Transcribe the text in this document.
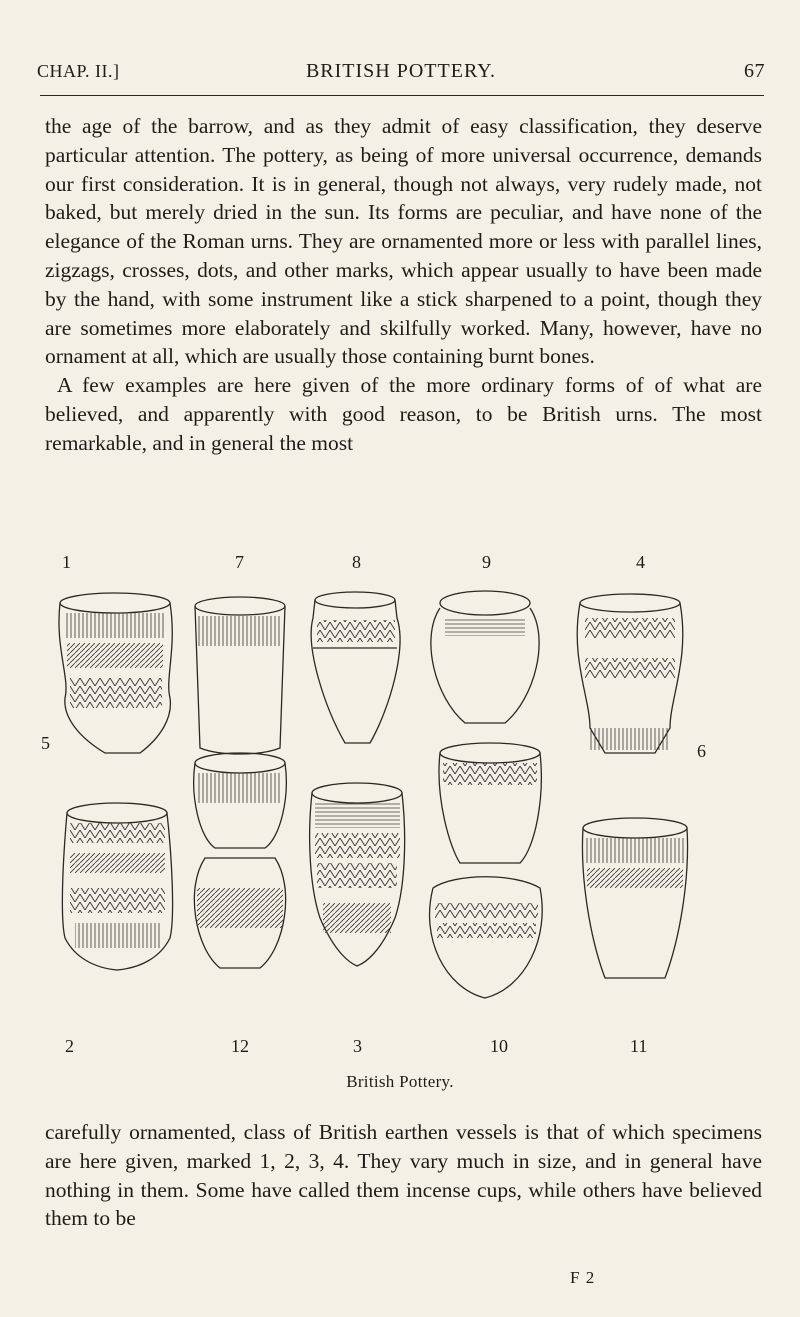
CHAP. II.]	BRITISH POTTERY.	67

the age of the barrow, and as they admit of easy classification, they deserve particular attention. The pottery, as being of more universal occurrence, demands our first consideration. It is in general, though not always, very rudely made, not baked, but merely dried in the sun. Its forms are peculiar, and have none of the elegance of the Roman urns. They are ornamented more or less with parallel lines, zigzags, crosses, dots, and other marks, which appear usually to have been made by the hand, with some instrument like a stick sharpened to a point, though they are sometimes more elaborately and skilfully worked. Many, however, have no ornament at all, which are usually those containing burnt bones.

A few examples are here given of the more ordinary forms of of what are believed, and apparently with good reason, to be British urns. The most remarkable, and in general the most

1	7	8	9	4
5	6
2	12	3	10	11
British Pottery.

carefully ornamented, class of British earthen vessels is that of which specimens are here given, marked 1, 2, 3, 4. They vary much in size, and in general have nothing in them. Some have called them incense cups, while others have believed them to be

F 2
